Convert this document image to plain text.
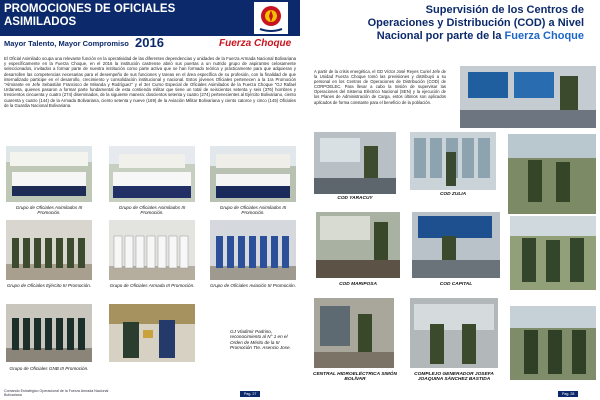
PROMOCIONES DE OFICIALES ASIMILADOS
Mayor Talento, Mayor Compromiso 2016	Fuerza Choque
El Oficial Asimilado ocupa una relevante función en la operatividad de las diferentes dependencias y unidades de la Fuerza Armada Nacional Bolivariana y específicamente en la Fuerza Choque, en el 2016 la institución castrense abrió sus puertas a un nutrido grupo de aspirantes celosamente seleccionados, invitados a formar parte de nuestra institución como parte activa que se han formado teórica y prácticamente para que adquieran y desarrollen las competencias necesarias para el desempeño de sus funciones y tareas en el área específica de su profesión, con la finalidad de que internalizado participe en el desarrollo, crecimiento y consolidación institucional y nacional. Estos jóvenes Oficiales pertenecen a la 1ra Promoción "Almirante en Jefe Sebastián Francisco de Miranda y Rodríguez" y el 3er Curso Especial de Oficiales Asimilados de la Fuerza Choque "GJ Rafael Urdaneta, quienes pasaron a formar parte fundamental de esta contienda militar que tiene un total de seiscientos setenta y seis (376) hombres y trescientos cincuenta y cuatro (274) diseminados, de la siguiente manera: doscientos setenta y cuatro (274) pertenecientes al Ejército Bolivariano, ciento cuarenta y cuatro (144) de la Armada Bolivariana, ciento setenta y nueve (169) de la Aviación Militar Bolivariana y ciento catorce y cinco (145) Oficiales de la Guardia Nacional Bolivariana.
Grupo de Oficiales Asimilados III Promoción.
Grupo de Oficiales Asimilados III Promoción.
Grupo de Oficiales Asimilados III Promoción.
Grupo de Oficiales Ejército III Promoción.	Grupo de Oficiales Armada III Promoción.	Grupo de Oficiales Aviación III Promoción.
Grupo de Oficiales GNB III Promoción.
GJ Vladimir Padrino, reconocimiento al N° 1 en el Orden de Mérito de la III Promoción Tte. Asencio Jose.
Comando Estratégico Operacional de la Fuerza Armada Nacional Bolivariana	Pag. 27
Supervisión de los Centros de
Operaciones y Distribución (COD) a Nivel
Nacional por parte de la Fuerza Choque
A partir de la crisis energética, el GD Víctor José Reyes Curiel Jefe de la Unidad Fuerza Choque tomó las previsiones y distribuyó a su personal en los Centros de Operaciones de Distribución (COD) de CORPOELEC. Para llevar a cabo la misión de supervisar las Operaciones del Sistema Eléctrico Nacional (SEN) y la ejecución de los Planes de Administración de Carga, estos últimos son aplicados aplicados de forma constante para el beneficio de la población.
COD YARACUY
COD ZULIA
COD MARIPOSA	COD CAPITAL
CENTRAL HIDROELÉCTRICA SIMÓN BOLÍVAR
COMPLEJO GENERADOR JOSEFA JOAQUINA SÁNCHEZ BASTIDA
Pag. 28
